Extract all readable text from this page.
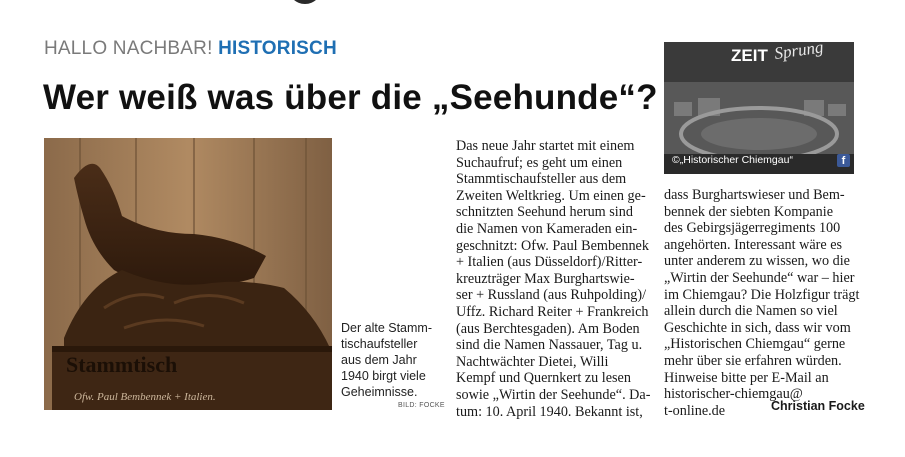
HALLO NACHBAR! HISTORISCH
Wer weiß was über die „Seehunde“?
Stammtisch
Ofw. Paul Bembennek + Italien.
Der alte Stamm-
tischaufsteller
aus dem Jahr
1940 birgt viele
Geheimnisse.
BILD: FOCKE
Das neue Jahr startet mit einem
Suchaufruf; es geht um einen
Stammtischaufsteller aus dem
Zweiten Weltkrieg. Um einen ge-
schnitzten Seehund herum sind
die Namen von Kameraden ein-
geschnitzt: Ofw. Paul Bembennek
+ Italien (aus Düsseldorf)/Ritter-
kreuzträger Max Burghartswie-
ser + Russland (aus Ruhpolding)/
Uffz. Richard Reiter + Frankreich
(aus Berchtesgaden). Am Boden
sind die Namen Nassauer, Tag u.
Nachtwächter Dietei, Willi
Kempf und Quernkert zu lesen
sowie „Wirtin der Seehunde“. Da-
tum: 10. April 1940. Bekannt ist,
ZEIT Sprung
©„Historischer Chiemgau“	f
dass Burghartswieser und Bem-
bennek der siebten Kompanie
des Gebirgsjägerregiments 100
angehörten. Interessant wäre es
unter anderem zu wissen, wo die
„Wirtin der Seehunde“ war – hier
im Chiemgau? Die Holzfigur trägt
allein durch die Namen so viel
Geschichte in sich, dass wir vom
„Historischen Chiemgau“ gerne
mehr über sie erfahren würden.
Hinweise bitte per E-Mail an
historischer-chiemgau@
t-online.de	Christian Focke
